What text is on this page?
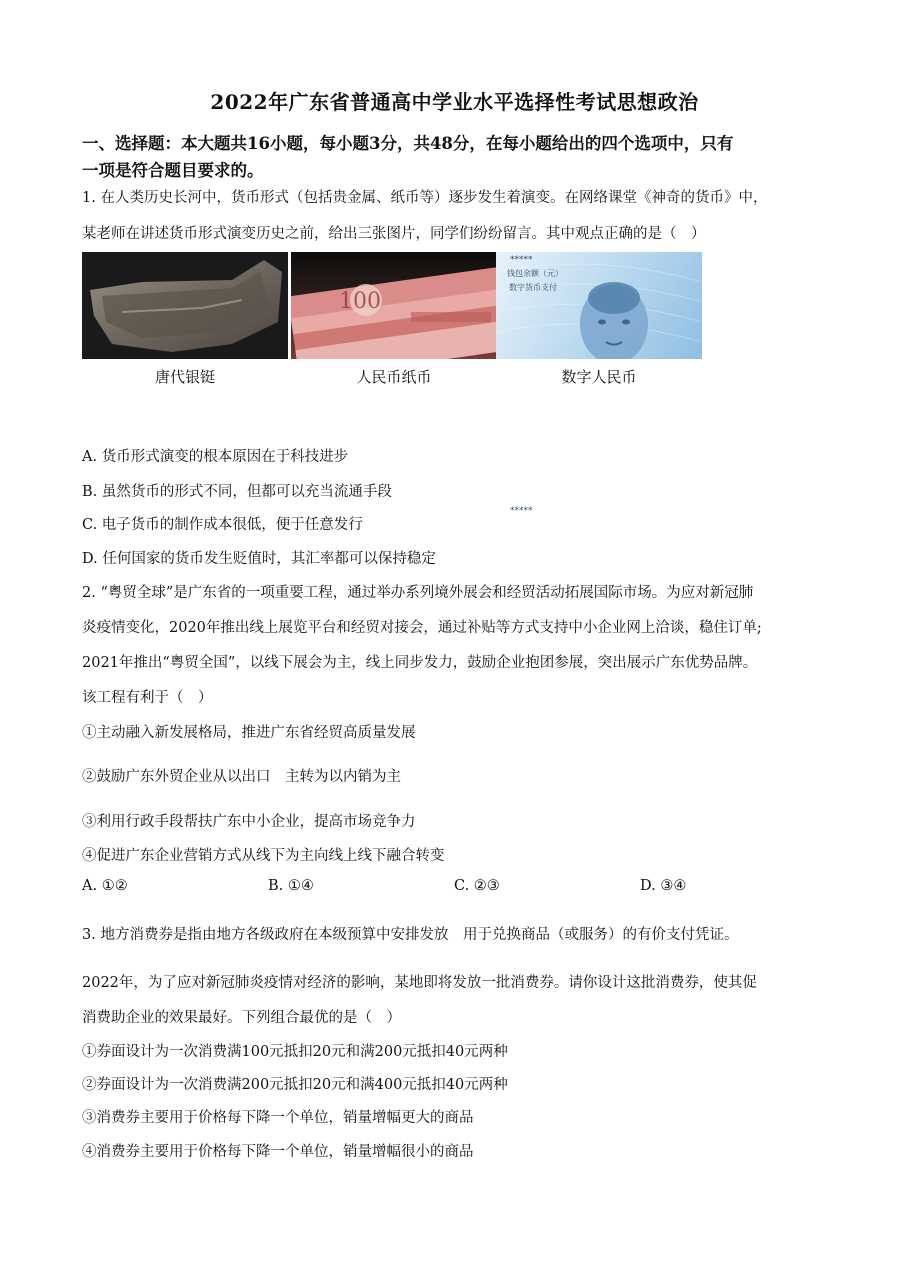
2022年广东省普通高中学业水平选择性考试思想政治
一、选择题：本大题共16小题，每小题3分，共48分，在每小题给出的四个选项中，只有
一项是符合题目要求的。
1. 在人类历史长河中，货币形式（包括贵金属、纸币等）逐步发生着演变。在网络课堂《神奇的货币》中，
某老师在讲述货币形式演变历史之前，给出三张图片，同学们纷纷留言。其中观点正确的是（　）
唐代银铤
100
人民币纸币
*****
数字人民币
钱包余额（元）
数字货币支付
*****
A. 货币形式演变的根本原因在于科技进步
B. 虽然货币的形式不同，但都可以充当流通手段
C. 电子货币的制作成本很低，便于任意发行
D. 任何国家的货币发生贬值时，其汇率都可以保持稳定
2. “粤贸全球”是广东省的一项重要工程，通过举办系列境外展会和经贸活动拓展国际市场。为应对新冠肺
炎疫情变化，2020年推出线上展览平台和经贸对接会，通过补贴等方式支持中小企业网上洽谈，稳住订单;
2021年推出“粤贸全国”，以线下展会为主，线上同步发力，鼓励企业抱团参展，突出展示广东优势品牌。
该工程有利于（　）
①主动融入新发展格局，推进广东省经贸高质量发展
②鼓励广东外贸企业从以出口　主转为以内销为主
③利用行政手段帮扶广东中小企业，提高市场竞争力
④促进广东企业营销方式从线下为主向线上线下融合转变
A. ①②	B. ①④	C. ②③	D. ③④
3. 地方消费券是指由地方各级政府在本级预算中安排发放　用于兑换商品（或服务）的有价支付凭证。
2022年，为了应对新冠肺炎疫情对经济的影响，某地即将发放一批消费券。请你设计这批消费券，使其促
消费助企业的效果最好。下列组合最优的是（　）
①券面设计为一次消费满100元抵扣20元和满200元抵扣40元两种
②券面设计为一次消费满200元抵扣20元和满400元抵扣40元两种
③消费券主要用于价格每下降一个单位，销量增幅更大的商品
④消费券主要用于价格每下降一个单位，销量增幅很小的商品
